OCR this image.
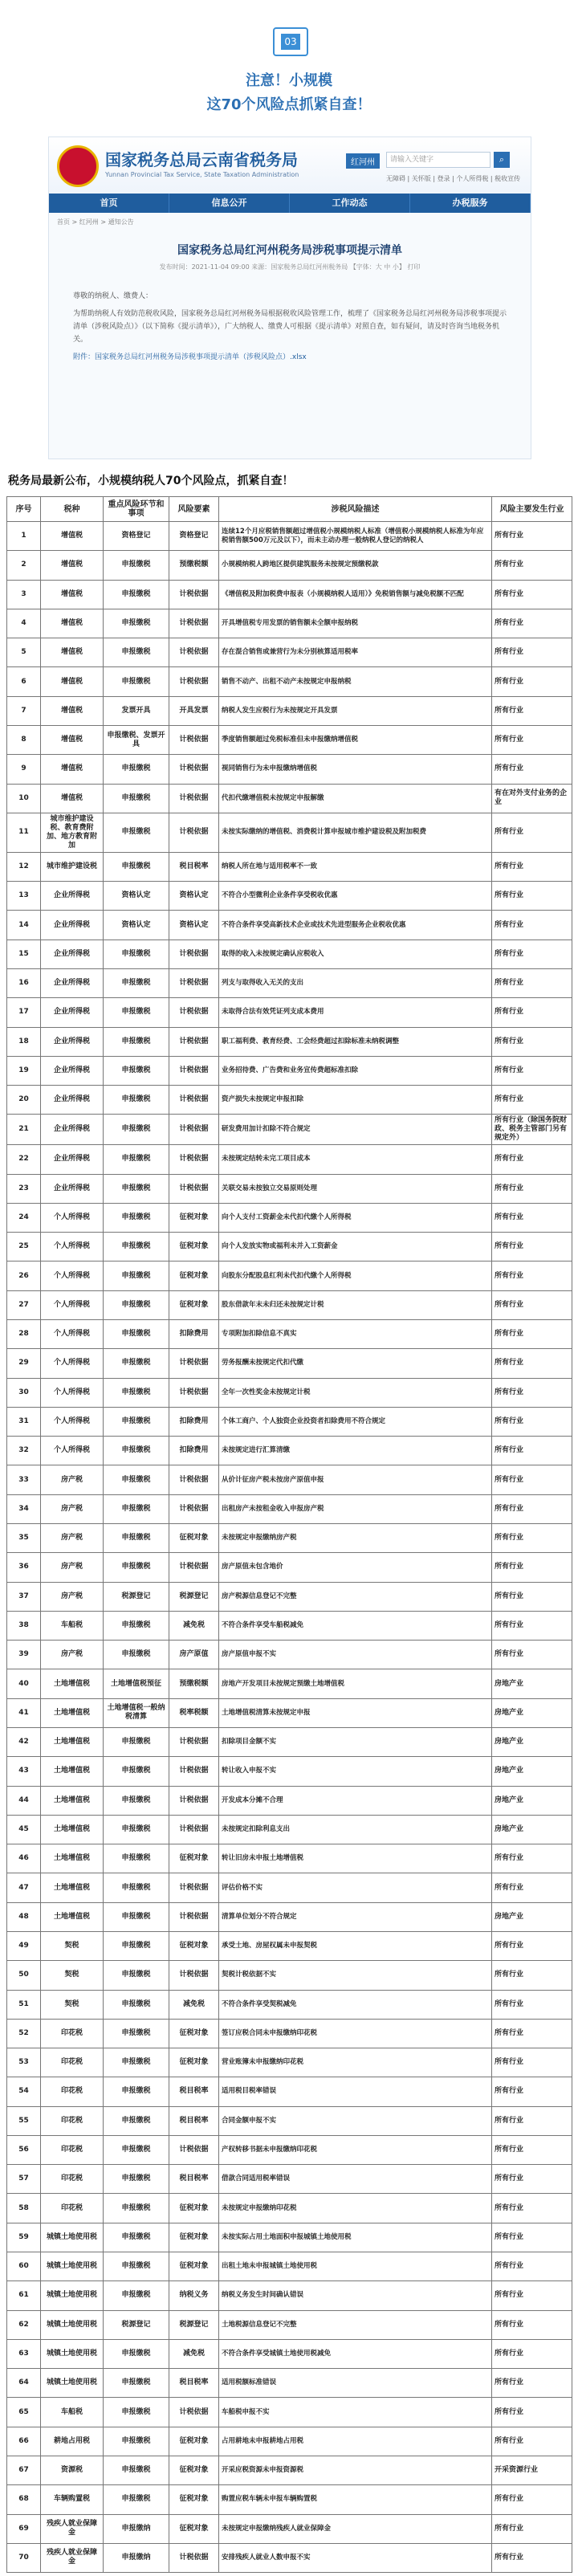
03
注意！小规模
这70个风险点抓紧自查！
国家税务总局云南省税务局
Yunnan Provincial Tax Service, State Taxation Administration
红河州	请输入关键字	⌕
无障碍 | 关怀版 | 登录 | 个人所得税 | 税收宣传
首页	信息公开	工作动态	办税服务
首页 > 红河州 > 通知公告
国家税务总局红河州税务局涉税事项提示清单
发布时间：2021-11-04 09:00 来源：国家税务总局红河州税务局 【字体：大 中 小】 打印

尊敬的纳税人、缴费人：

为帮助纳税人有效防范税收风险，国家税务总局红河州税务局根据税收风险管理工作，梳理了《国家税务总局红河州税务局涉税事项提示清单（涉税风险点）》（以下简称《提示清单》），广大纳税人、缴费人可根据《提示清单》对照自查，如有疑问，请及时咨询当地税务机关。

附件：国家税务总局红河州税务局涉税事项提示清单（涉税风险点）.xlsx

税务局最新公布，小规模纳税人70个风险点，抓紧自查！
序号	税种	重点风险环节和事项	风险要素	涉税风险描述	风险主要发生行业
1	增值税	资格登记	资格登记	连续12个月应税销售额超过增值税小规模纳税人标准（增值税小规模纳税人标准为年应税销售额500万元及以下），而未主动办理一般纳税人登记的纳税人	所有行业
2	增值税	申报缴税	预缴税额	小规模纳税人跨地区提供建筑服务未按规定预缴税款	所有行业
3	增值税	申报缴税	计税依据	《增值税及附加税费申报表（小规模纳税人适用）》免税销售额与减免税额不匹配	所有行业
4	增值税	申报缴税	计税依据	开具增值税专用发票的销售额未全额申报纳税	所有行业
5	增值税	申报缴税	计税依据	存在混合销售或兼营行为未分别核算适用税率	所有行业
6	增值税	申报缴税	计税依据	销售不动产、出租不动产未按规定申报纳税	所有行业
7	增值税	发票开具	开具发票	纳税人发生应税行为未按规定开具发票	所有行业
8	增值税	申报缴税、发票开具	计税依据	季度销售额超过免税标准但未申报缴纳增值税	所有行业
9	增值税	申报缴税	计税依据	视同销售行为未申报缴纳增值税	所有行业
10	增值税	申报缴税	计税依据	代扣代缴增值税未按规定申报解缴	有在对外支付业务的企业
11	城市维护建设税、教育费附加、地方教育附加	申报缴税	计税依据	未按实际缴纳的增值税、消费税计算申报城市维护建设税及附加税费	所有行业
12	城市维护建设税	申报缴税	税目税率	纳税人所在地与适用税率不一致	所有行业
13	企业所得税	资格认定	资格认定	不符合小型微利企业条件享受税收优惠	所有行业
14	企业所得税	资格认定	资格认定	不符合条件享受高新技术企业或技术先进型服务企业税收优惠	所有行业
15	企业所得税	申报缴税	计税依据	取得的收入未按规定确认应税收入	所有行业
16	企业所得税	申报缴税	计税依据	列支与取得收入无关的支出	所有行业
17	企业所得税	申报缴税	计税依据	未取得合法有效凭证列支成本费用	所有行业
18	企业所得税	申报缴税	计税依据	职工福利费、教育经费、工会经费超过扣除标准未纳税调整	所有行业
19	企业所得税	申报缴税	计税依据	业务招待费、广告费和业务宣传费超标准扣除	所有行业
20	企业所得税	申报缴税	计税依据	资产损失未按规定申报扣除	所有行业
21	企业所得税	申报缴税	计税依据	研发费用加计扣除不符合规定	所有行业（除国务院财政、税务主管部门另有规定外）
22	企业所得税	申报缴税	计税依据	未按规定结转未完工项目成本	所有行业
23	企业所得税	申报缴税	计税依据	关联交易未按独立交易原则处理	所有行业
24	个人所得税	申报缴税	征税对象	向个人支付工资薪金未代扣代缴个人所得税	所有行业
25	个人所得税	申报缴税	征税对象	向个人发放实物或福利未并入工资薪金	所有行业
26	个人所得税	申报缴税	征税对象	向股东分配股息红利未代扣代缴个人所得税	所有行业
27	个人所得税	申报缴税	征税对象	股东借款年末未归还未按规定计税	所有行业
28	个人所得税	申报缴税	扣除费用	专项附加扣除信息不真实	所有行业
29	个人所得税	申报缴税	计税依据	劳务报酬未按规定代扣代缴	所有行业
30	个人所得税	申报缴税	计税依据	全年一次性奖金未按规定计税	所有行业
31	个人所得税	申报缴税	扣除费用	个体工商户、个人独资企业投资者扣除费用不符合规定	所有行业
32	个人所得税	申报缴税	扣除费用	未按规定进行汇算清缴	所有行业
33	房产税	申报缴税	计税依据	从价计征房产税未按房产原值申报	所有行业
34	房产税	申报缴税	计税依据	出租房产未按租金收入申报房产税	所有行业
35	房产税	申报缴税	征税对象	未按规定申报缴纳房产税	所有行业
36	房产税	申报缴税	计税依据	房产原值未包含地价	所有行业
37	房产税	税源登记	税源登记	房产税源信息登记不完整	所有行业
38	车船税	申报缴税	减免税	不符合条件享受车船税减免	所有行业
39	房产税	申报缴税	房产原值	房产原值申报不实	所有行业
40	土地增值税	土地增值税预征	预缴税额	房地产开发项目未按规定预缴土地增值税	房地产业
41	土地增值税	土地增值税一般纳税清算	税率税额	土地增值税清算未按规定申报	房地产业
42	土地增值税	申报缴税	计税依据	扣除项目金额不实	房地产业
43	土地增值税	申报缴税	计税依据	转让收入申报不实	房地产业
44	土地增值税	申报缴税	计税依据	开发成本分摊不合理	房地产业
45	土地增值税	申报缴税	计税依据	未按规定扣除利息支出	房地产业
46	土地增值税	申报缴税	征税对象	转让旧房未申报土地增值税	所有行业
47	土地增值税	申报缴税	计税依据	评估价格不实	所有行业
48	土地增值税	申报缴税	计税依据	清算单位划分不符合规定	房地产业
49	契税	申报缴税	征税对象	承受土地、房屋权属未申报契税	所有行业
50	契税	申报缴税	计税依据	契税计税依据不实	所有行业
51	契税	申报缴税	减免税	不符合条件享受契税减免	所有行业
52	印花税	申报缴税	征税对象	签订应税合同未申报缴纳印花税	所有行业
53	印花税	申报缴税	征税对象	营业账簿未申报缴纳印花税	所有行业
54	印花税	申报缴税	税目税率	适用税目税率错误	所有行业
55	印花税	申报缴税	税目税率	合同金额申报不实	所有行业
56	印花税	申报缴税	计税依据	产权转移书据未申报缴纳印花税	所有行业
57	印花税	申报缴税	税目税率	借款合同适用税率错误	所有行业
58	印花税	申报缴税	征税对象	未按规定申报缴纳印花税	所有行业
59	城镇土地使用税	申报缴税	征税对象	未按实际占用土地面积申报城镇土地使用税	所有行业
60	城镇土地使用税	申报缴税	征税对象	出租土地未申报城镇土地使用税	所有行业
61	城镇土地使用税	申报缴税	纳税义务	纳税义务发生时间确认错误	所有行业
62	城镇土地使用税	税源登记	税源登记	土地税源信息登记不完整	所有行业
63	城镇土地使用税	申报缴税	减免税	不符合条件享受城镇土地使用税减免	所有行业
64	城镇土地使用税	申报缴税	税目税率	适用税额标准错误	所有行业
65	车船税	申报缴税	计税依据	车船税申报不实	所有行业
66	耕地占用税	申报缴税	征税对象	占用耕地未申报耕地占用税	所有行业
67	资源税	申报缴税	征税对象	开采应税资源未申报资源税	开采资源行业
68	车辆购置税	申报缴税	征税对象	购置应税车辆未申报车辆购置税	所有行业
69	残疾人就业保障金	申报缴纳	征税对象	未按规定申报缴纳残疾人就业保障金	所有行业
70	残疾人就业保障金	申报缴纳	计税依据	安排残疾人就业人数申报不实	所有行业
